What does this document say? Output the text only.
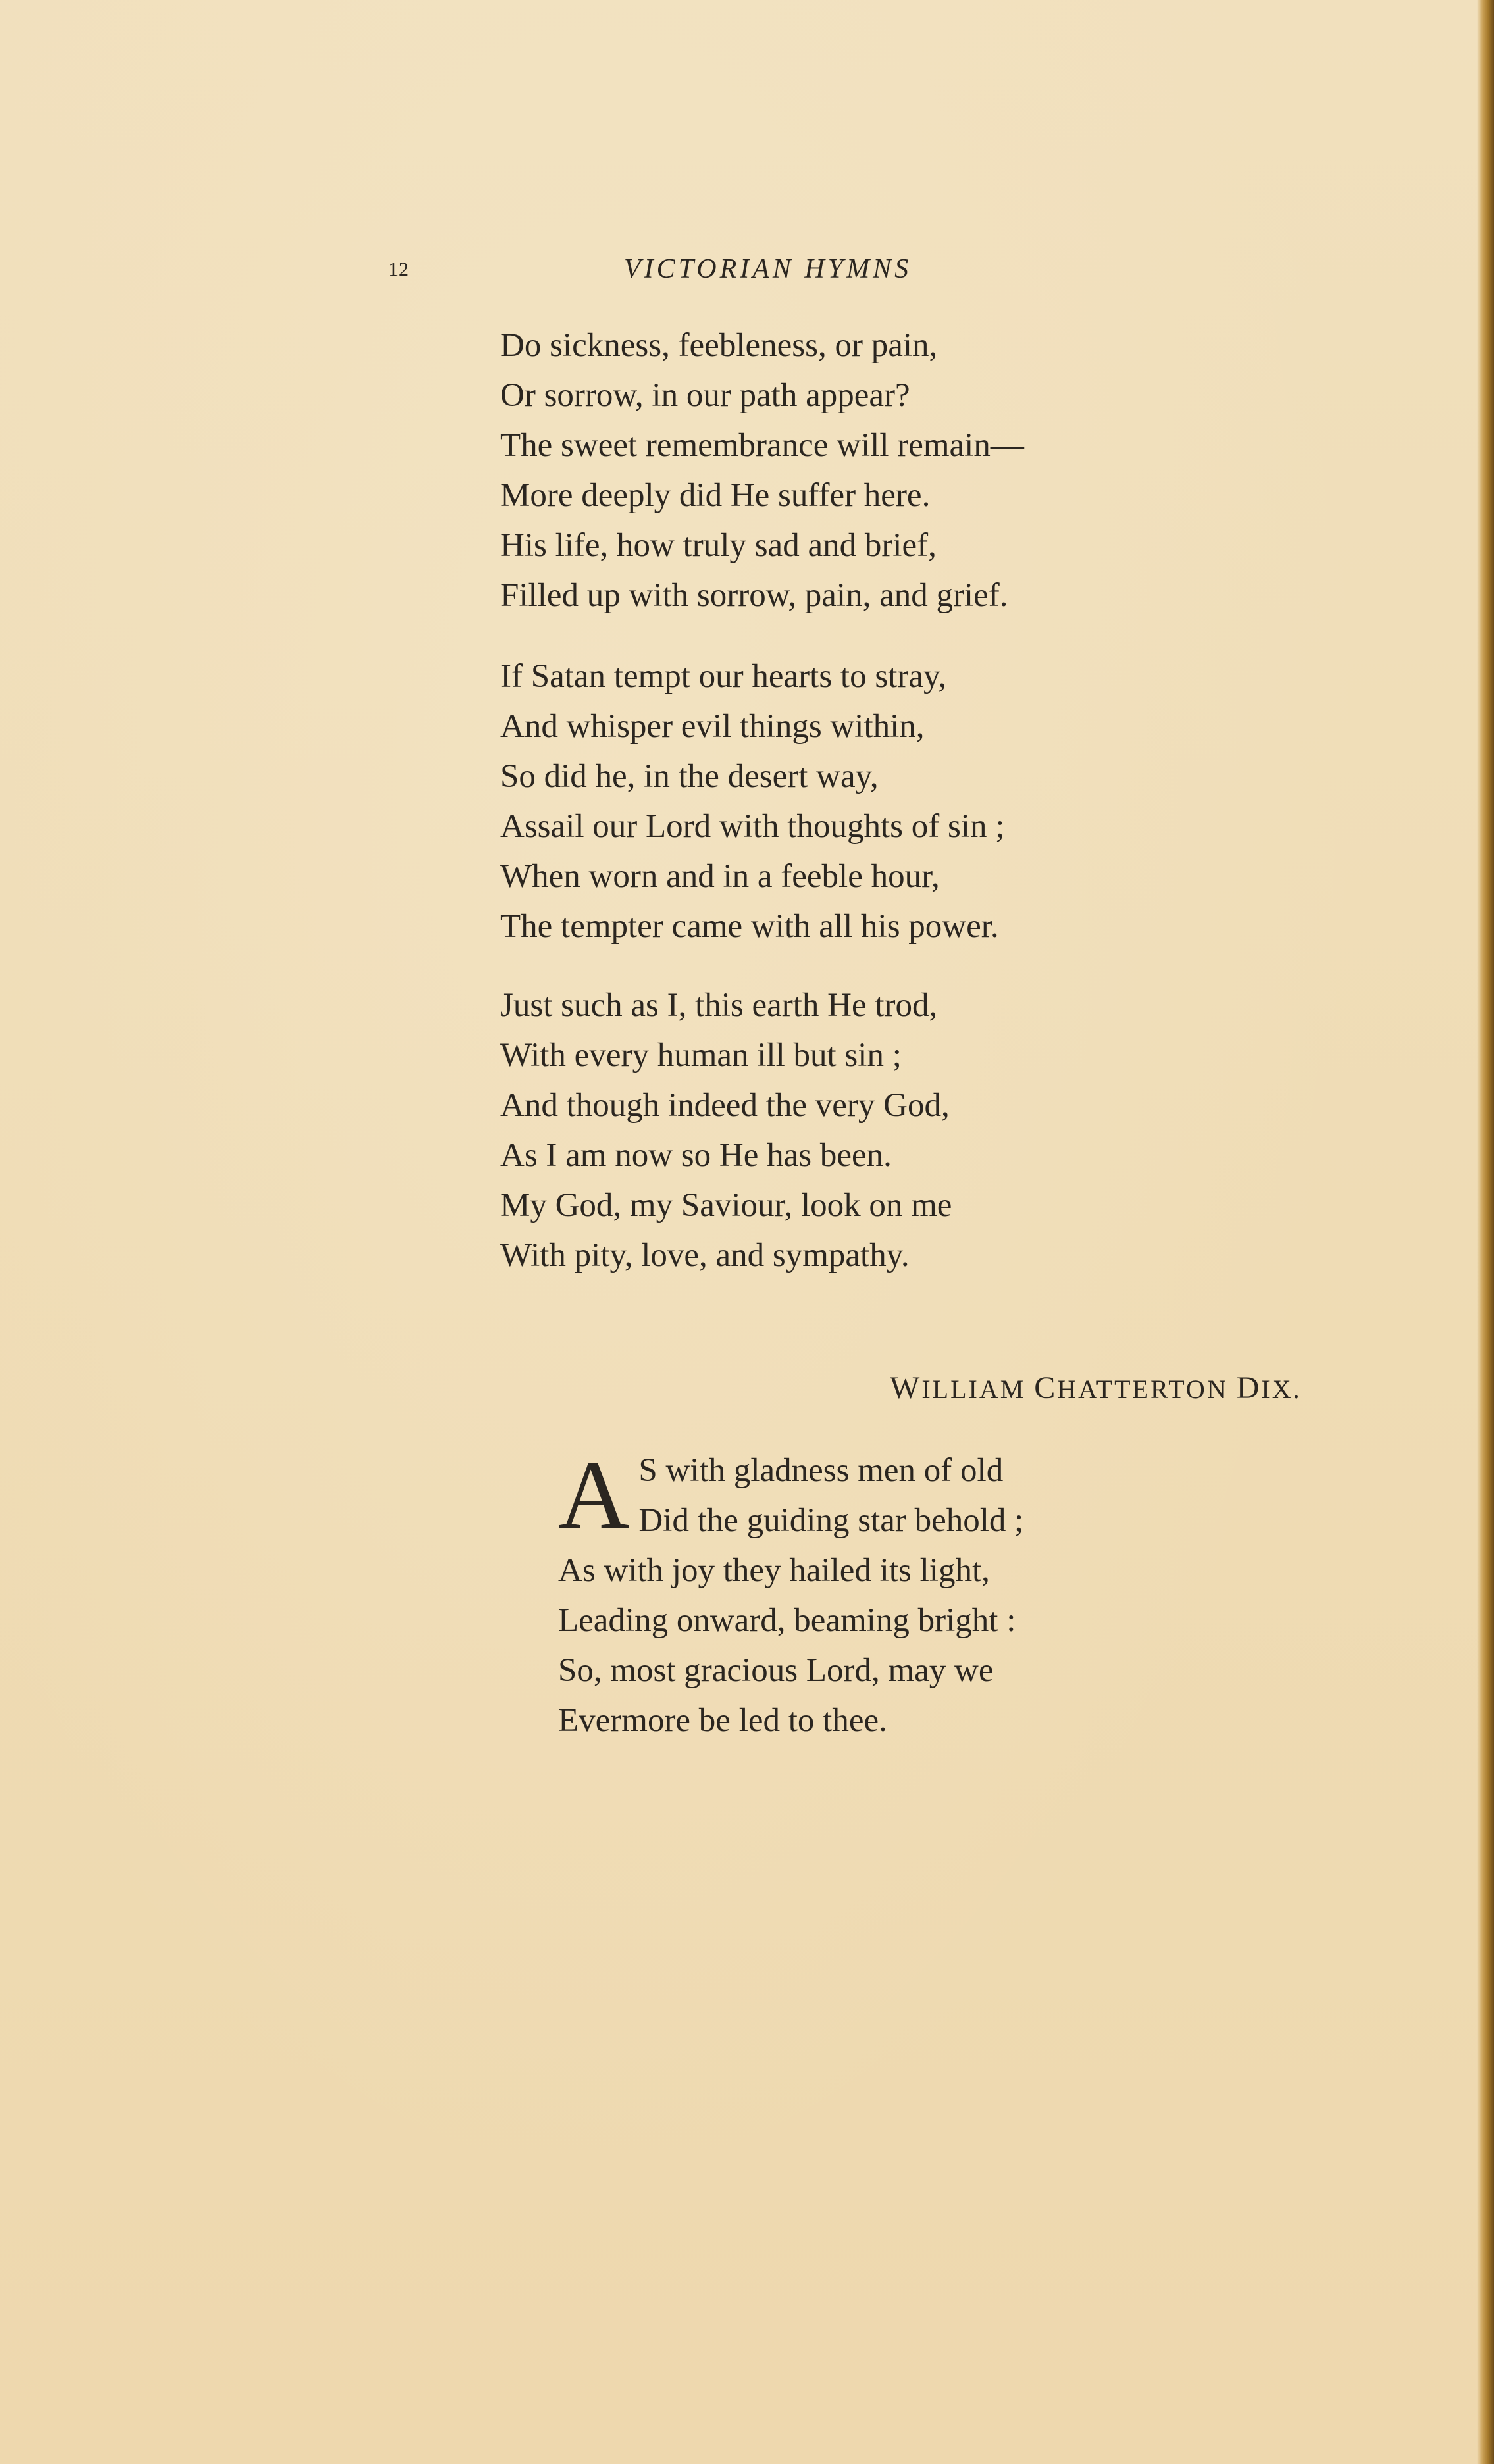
12	VICTORIAN HYMNS
Do sickness, feebleness, or pain,
Or sorrow, in our path appear?
The sweet remembrance will remain—
More deeply did He suffer here.
His life, how truly sad and brief,
Filled up with sorrow, pain, and grief.
If Satan tempt our hearts to stray,
And whisper evil things within,
So did he, in the desert way,
Assail our Lord with thoughts of sin ;
When worn and in a feeble hour,
The tempter came with all his power.
Just such as I, this earth He trod,
With every human ill but sin ;
And though indeed the very God,
As I am now so He has been.
My God, my Saviour, look on me
With pity, love, and sympathy.
WILLIAM CHATTERTON DIX.
A S with gladness men of old
Did the guiding star behold ;
As with joy they hailed its light,
Leading onward, beaming bright :
So, most gracious Lord, may we
Evermore be led to thee.
